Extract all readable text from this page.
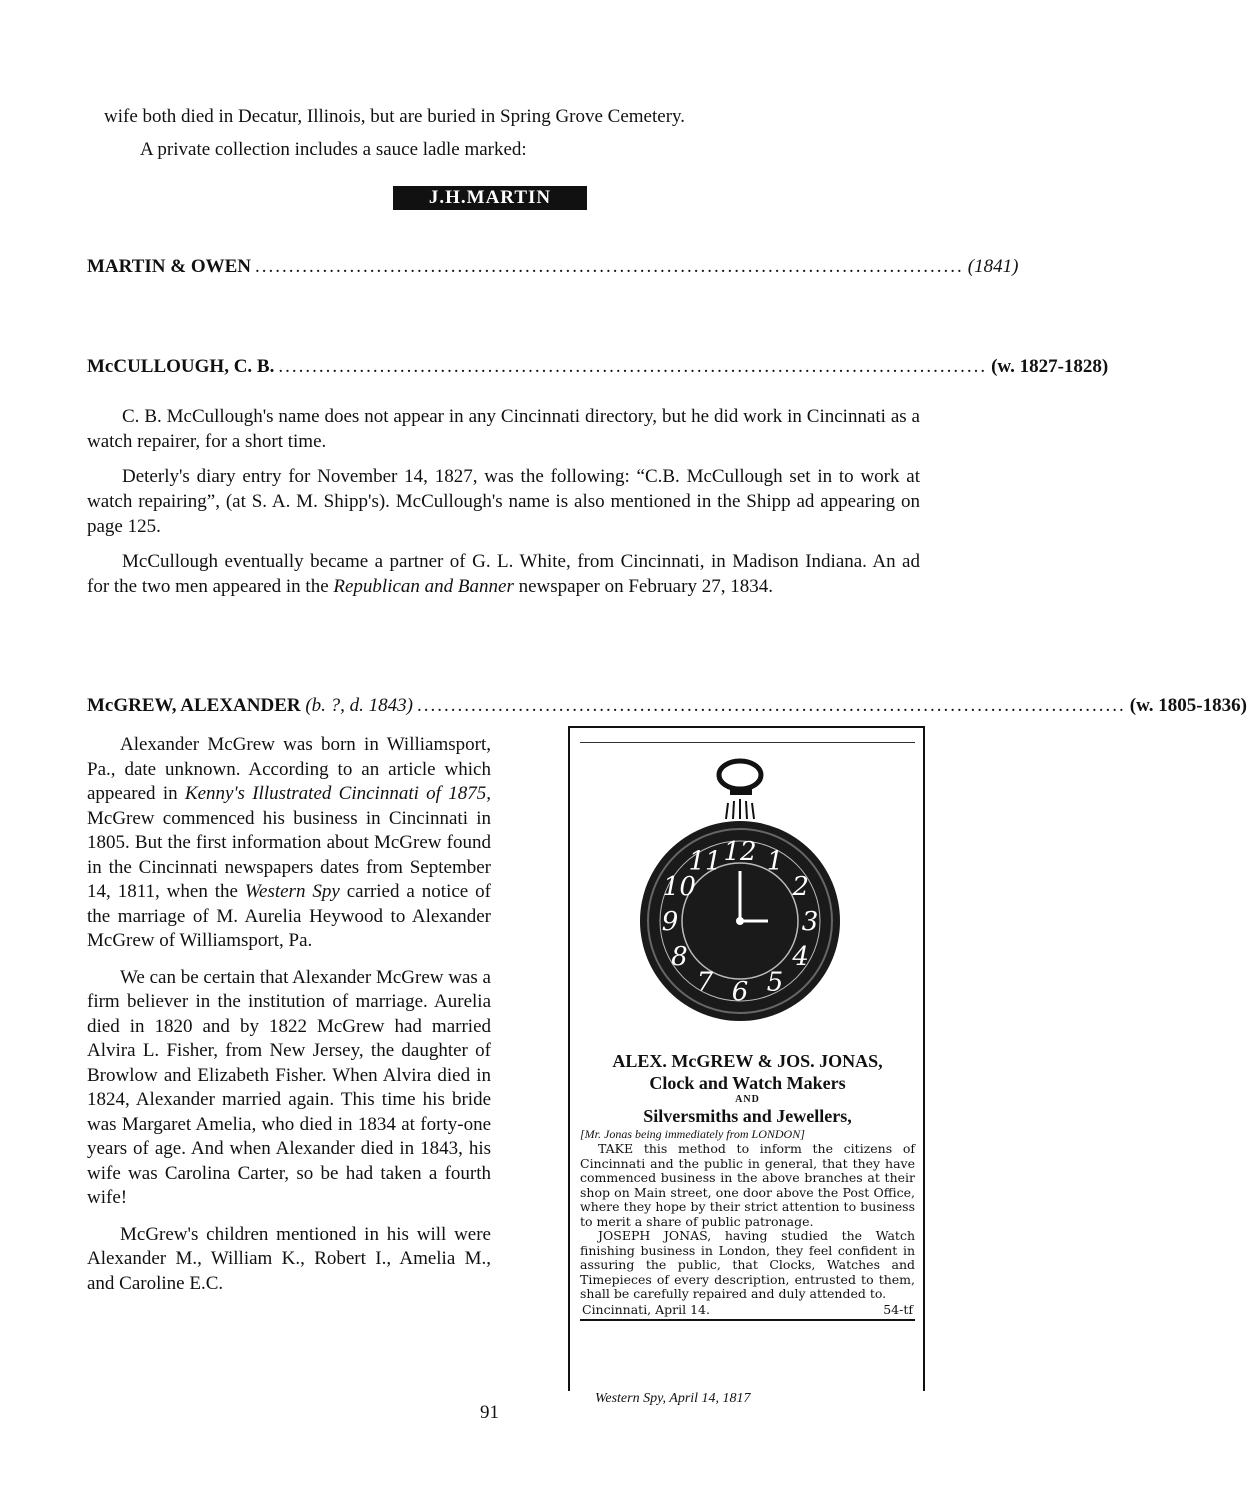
wife both died in Decatur, Illinois, but are buried in Spring Grove Cemetery.

A private collection includes a sauce ladle marked:

J.H.MARTIN
MARTIN & OWEN ......................................................................................................... (1841)
McCULLOUGH, C. B. ......................................................................................................... (w. 1827-1828)

C. B. McCullough's name does not appear in any Cincinnati directory, but he did work in Cincinnati as a watch repairer, for a short time.

Deterly's diary entry for November 14, 1827, was the following: “C.B. McCullough set in to work at watch repairing”, (at S. A. M. Shipp's). McCullough's name is also mentioned in the Shipp ad appearing on page 125.

McCullough eventually became a partner of G. L. White, from Cincinnati, in Madison Indiana. An ad for the two men appeared in the Republican and Banner newspaper on February 27, 1834.

McGREW, ALEXANDER (b. ?, d. 1843) ......................................................................................................... (w. 1805-1836)

Alexander McGrew was born in Williamsport, Pa., date unknown. According to an article which appeared in Kenny's Illustrated Cincinnati of 1875, McGrew commenced his business in Cincinnati in 1805. But the first information about McGrew found in the Cincinnati newspapers dates from September 14, 1811, when the Western Spy carried a notice of the marriage of M. Aurelia Heywood to Alexander McGrew of Williamsport, Pa.

We can be certain that Alexander McGrew was a firm believer in the institution of marriage. Aurelia died in 1820 and by 1822 McGrew had married Alvira L. Fisher, from New Jersey, the daughter of Browlow and Elizabeth Fisher. When Alvira died in 1824, Alexander married again. This time his bride was Margaret Amelia, who died in 1834 at forty-one years of age. And when Alexander died in 1843, his wife was Carolina Carter, so be had taken a fourth wife!

McGrew's children mentioned in his will were Alexander M., William K., Robert I., Amelia M., and Caroline E.C.

12 1
2
3
4
5
6
7
8
9
10
11
ALEX. McGREW & JOS. JONAS,
Clock and Watch Makers
AND
Silversmiths and Jewellers,
[Mr. Jonas being immediately from LONDON]
TAKE this method to inform the citizens of Cincinnati and the public in general, that they have commenced business in the above branches at their shop on Main street, one door above the Post Office, where they hope by their strict attention to business to merit a share of public patronage.
JOSEPH JONAS, having studied the Watch finishing business in London, they feel confident in assuring the public, that Clocks, Watches and Timepieces of every description, entrusted to them, shall be carefully repaired and duly attended to.
Cincinnati, April 14.	54-tf
Western Spy, April 14, 1817
91
